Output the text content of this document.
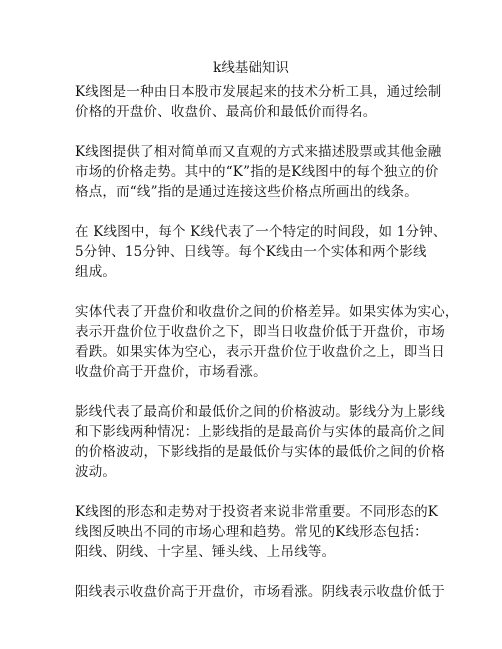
k线基础知识

K线图是一种由日本股市发展起来的技术分析工具，通过绘制
价格的开盘价、收盘价、最高价和最低价而得名。

K线图提供了相对简单而又直观的方式来描述股票或其他金融
市场的价格走势。其中的“K”指的是K线图中的每个独立的价
格点，而“线”指的是通过连接这些价格点所画出的线条。

在 K线图中，每个 K线代表了一个特定的时间段，如 1分钟、
5分钟、15分钟、日线等。每个K线由一个实体和两个影线
组成。

实体代表了开盘价和收盘价之间的价格差异。如果实体为实心，
表示开盘价位于收盘价之下，即当日收盘价低于开盘价，市场
看跌。如果实体为空心，表示开盘价位于收盘价之上，即当日
收盘价高于开盘价，市场看涨。

影线代表了最高价和最低价之间的价格波动。影线分为上影线
和下影线两种情况：上影线指的是最高价与实体的最高价之间
的价格波动，下影线指的是最低价与实体的最低价之间的价格
波动。

K线图的形态和走势对于投资者来说非常重要。不同形态的K
线图反映出不同的市场心理和趋势。常见的K线形态包括：
阳线、阴线、十字星、锤头线、上吊线等。

阳线表示收盘价高于开盘价，市场看涨。阴线表示收盘价低于
